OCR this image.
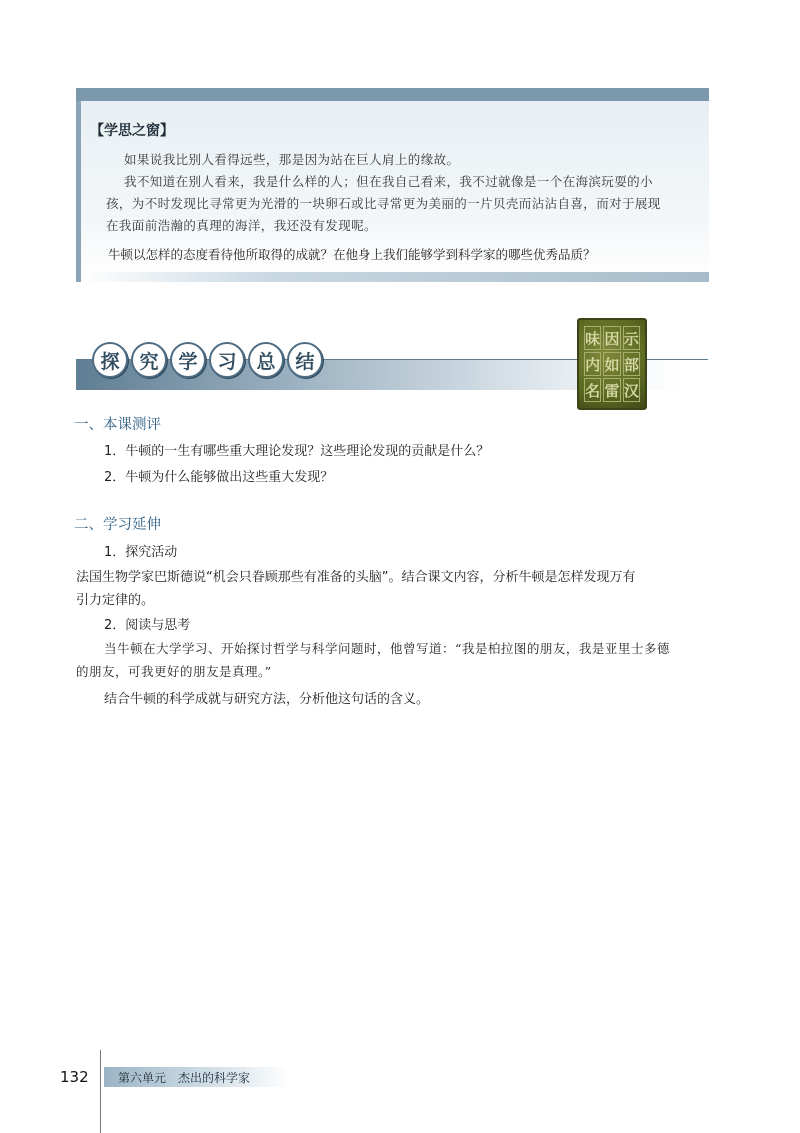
【学思之窗】
如果说我比别人看得远些，那是因为站在巨人肩上的缘故。
我不知道在别人看来，我是什么样的人；但在我自己看来，我不过就像是一个在海滨玩耍的小
孩，为不时发现比寻常更为光滑的一块卵石或比寻常更为美丽的一片贝壳而沾沾自喜，而对于展现
在我面前浩瀚的真理的海洋，我还没有发现呢。
牛顿以怎样的态度看待他所取得的成就？在他身上我们能够学到科学家的哪些优秀品质？
探	究	学	习	总	结
味 因 示
内 如 部
名 雷 汉
一、本课测评
1．牛顿的一生有哪些重大理论发现？这些理论发现的贡献是什么？
2．牛顿为什么能够做出这些重大发现？
二、学习延伸
1．探究活动
法国生物学家巴斯德说“机会只眷顾那些有准备的头脑”。结合课文内容，分析牛顿是怎样发现万有
引力定律的。
2．阅读与思考
当牛顿在大学学习、开始探讨哲学与科学问题时，他曾写道：“我是柏拉图的朋友，我是亚里士多德
的朋友，可我更好的朋友是真理。”
结合牛顿的科学成就与研究方法，分析他这句话的含义。
132 第六单元　杰出的科学家
